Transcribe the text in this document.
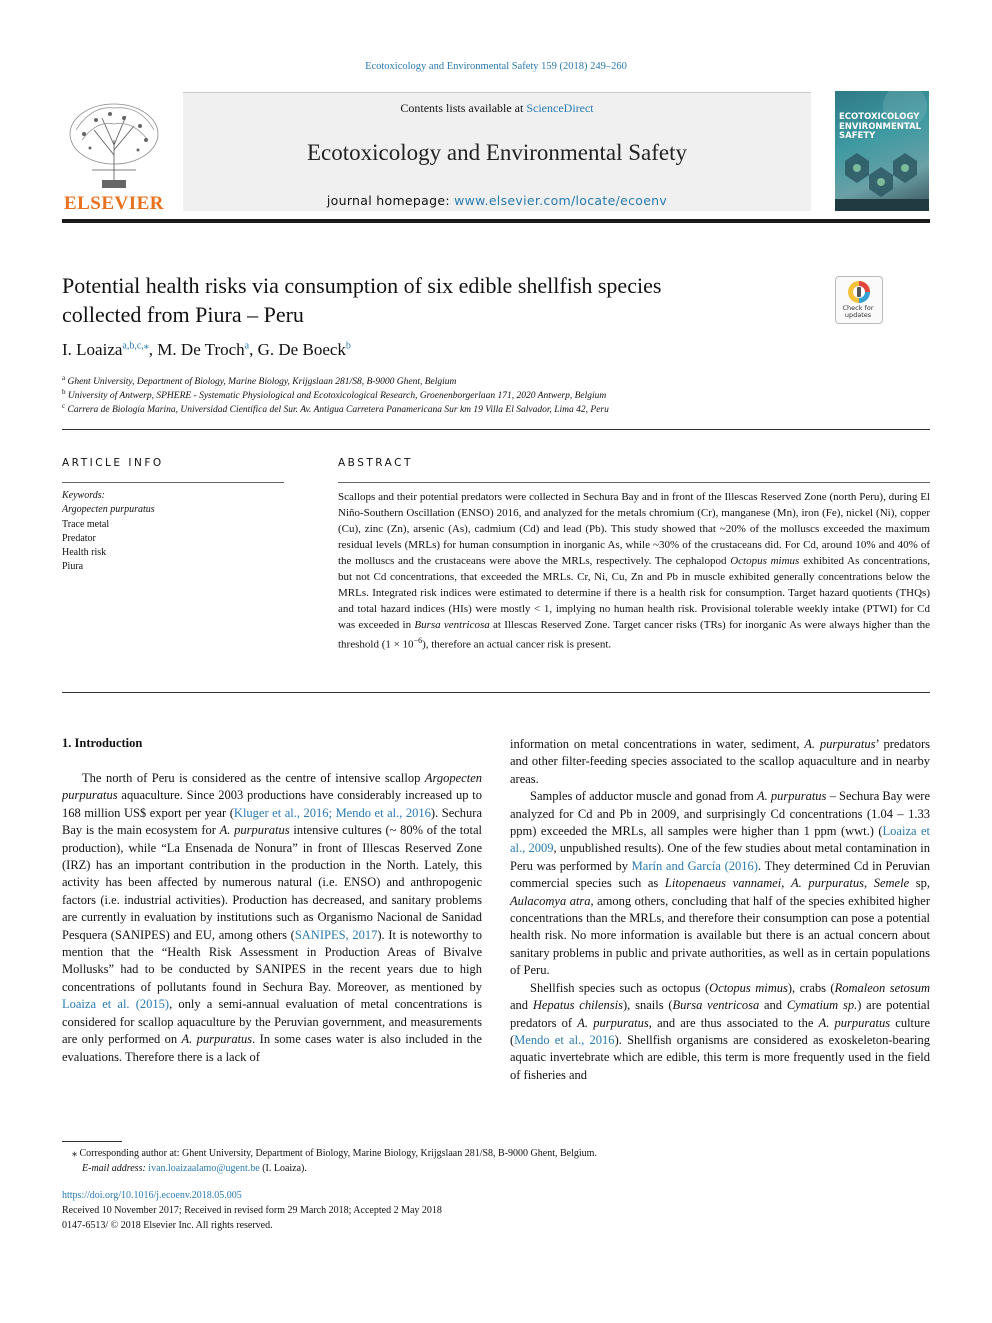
Ecotoxicology and Environmental Safety 159 (2018) 249–260
Contents lists available at ScienceDirect
Ecotoxicology and Environmental Safety
journal homepage: www.elsevier.com/locate/ecoenv
ELSEVIER
ECOTOXICOLOGY
ENVIRONMENTAL
SAFETY
Check for
updates
Potential health risks via consumption of six edible shellfish species
collected from Piura – Peru
I. Loaiza$^{a,b,c,⁎}$, M. De Troch$^a$, G. De Boeck$^b$
$^a$ Ghent University, Department of Biology, Marine Biology, Krijgslaan 281/S8, B-9000 Ghent, Belgium
$^b$ University of Antwerp, SPHERE - Systematic Physiological and Ecotoxicological Research, Groenenborgerlaan 171, 2020 Antwerp, Belgium
$^c$ Carrera de Biología Marina, Universidad Científica del Sur. Av. Antigua Carretera Panamericana Sur km 19 Villa El Salvador, Lima 42, Peru
ARTICLE INFO
Keywords:
Argopecten purpuratus
Trace metal
Predator
Health risk
Piura
ABSTRACT
Scallops and their potential predators were collected in Sechura Bay and in front of the Illescas Reserved Zone (north Peru), during El Niño-Southern Oscillation (ENSO) 2016, and analyzed for the metals chromium (Cr), manganese (Mn), iron (Fe), nickel (Ni), copper (Cu), zinc (Zn), arsenic (As), cadmium (Cd) and lead (Pb). This study showed that ~20% of the molluscs exceeded the maximum residual levels (MRLs) for human consumption in inorganic As, while ~30% of the crustaceans did. For Cd, around 10% and 40% of the molluscs and the crustaceans were above the MRLs, respectively. The cephalopod Octopus mimus exhibited As concentrations, but not Cd concentrations, that exceeded the MRLs. Cr, Ni, Cu, Zn and Pb in muscle exhibited generally concentrations below the MRLs. Integrated risk indices were estimated to determine if there is a health risk for consumption. Target hazard quotients (THQs) and total hazard indices (HIs) were mostly < 1, implying no human health risk. Provisional tolerable weekly intake (PTWI) for Cd was exceeded in Bursa ventricosa at Illescas Reserved Zone. Target cancer risks (TRs) for inorganic As were always higher than the threshold $(1 \times 10^{-6})$, therefore an actual cancer risk is present.
1. Introduction

The north of Peru is considered as the centre of intensive scallop Argopecten purpuratus aquaculture. Since 2003 productions have considerably increased up to 168 million US$ export per year (Kluger et al., 2016; Mendo et al., 2016). Sechura Bay is the main ecosystem for A. purpuratus intensive cultures (~ 80% of the total production), while “La Ensenada de Nonura” in front of Illescas Reserved Zone (IRZ) has an important contribution in the production in the North. Lately, this activity has been affected by numerous natural (i.e. ENSO) and anthropogenic factors (i.e. industrial activities). Production has decreased, and sanitary problems are currently in evaluation by institutions such as Organismo Nacional de Sanidad Pesquera (SANIPES) and EU, among others (SANIPES, 2017). It is noteworthy to mention that the “Health Risk Assessment in Production Areas of Bivalve Mollusks” had to be conducted by SANIPES in the recent years due to high concentrations of pollutants found in Sechura Bay. Moreover, as mentioned by Loaiza et al. (2015), only a semi-annual evaluation of metal concentrations is considered for scallop aquaculture by the Peruvian government, and measurements are only performed on A. purpuratus. In some cases water is also included in the evaluations. Therefore there is a lack of

information on metal concentrations in water, sediment, A. purpuratus’ predators and other filter-feeding species associated to the scallop aquaculture and in nearby areas.

Samples of adductor muscle and gonad from A. purpuratus – Sechura Bay were analyzed for Cd and Pb in 2009, and surprisingly Cd concentrations (1.04 – 1.33 ppm) exceeded the MRLs, all samples were higher than 1 ppm (wwt.) (Loaiza et al., 2009, unpublished results). One of the few studies about metal contamination in Peru was performed by Marín and García (2016). They determined Cd in Peruvian commercial species such as Litopenaeus vannamei, A. purpuratus, Semele sp, Aulacomya atra, among others, concluding that half of the species exhibited higher concentrations than the MRLs, and therefore their consumption can pose a potential health risk. No more information is available but there is an actual concern about sanitary problems in public and private authorities, as well as in certain populations of Peru.

Shellfish species such as octopus (Octopus mimus), crabs (Romaleon setosum and Hepatus chilensis), snails (Bursa ventricosa and Cymatium sp.) are potential predators of A. purpuratus, and are thus associated to the A. purpuratus culture (Mendo et al., 2016). Shellfish organisms are considered as exoskeleton-bearing aquatic invertebrate which are edible, this term is more frequently used in the field of fisheries and

⁎ Corresponding author at: Ghent University, Department of Biology, Marine Biology, Krijgslaan 281/S8, B-9000 Ghent, Belgium.
E-mail address: ivan.loaizaalamo@ugent.be (I. Loaiza).
https://doi.org/10.1016/j.ecoenv.2018.05.005
Received 10 November 2017; Received in revised form 29 March 2018; Accepted 2 May 2018
0147-6513/ © 2018 Elsevier Inc. All rights reserved.
